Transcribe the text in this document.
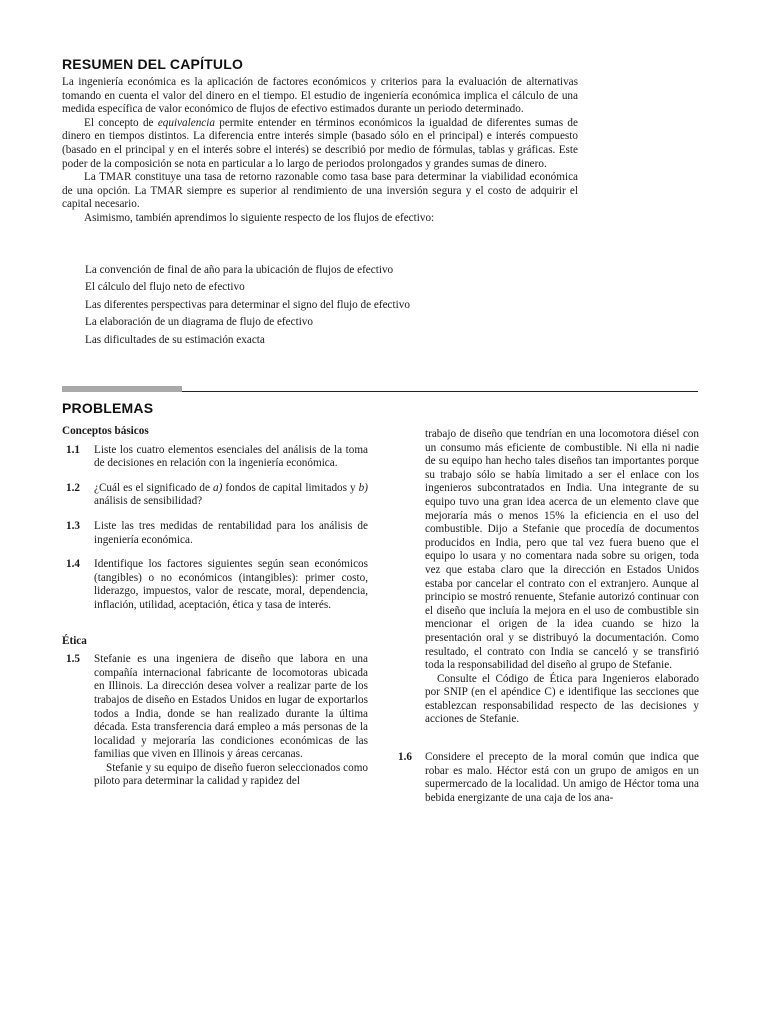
RESUMEN DEL CAPÍTULO

La ingeniería económica es la aplicación de factores económicos y criterios para la evaluación de alternativas tomando en cuenta el valor del dinero en el tiempo. El estudio de ingeniería económica implica el cálculo de una medida específica de valor económico de flujos de efectivo estimados durante un periodo determinado.

El concepto de equivalencia permite entender en términos económicos la igualdad de diferentes sumas de dinero en tiempos distintos. La diferencia entre interés simple (basado sólo en el principal) e interés compuesto (basado en el principal y en el interés sobre el interés) se describió por medio de fórmulas, tablas y gráficas. Este poder de la composición se nota en particular a lo largo de periodos prolongados y grandes sumas de dinero.

La TMAR constituye una tasa de retorno razonable como tasa base para determinar la viabilidad económica de una opción. La TMAR siempre es superior al rendimiento de una inversión segura y el costo de adquirir el capital necesario.

Asimismo, también aprendimos lo siguiente respecto de los flujos de efectivo:

La convención de final de año para la ubicación de flujos de efectivo
El cálculo del flujo neto de efectivo
Las diferentes perspectivas para determinar el signo del flujo de efectivo
La elaboración de un diagrama de flujo de efectivo
Las dificultades de su estimación exacta
PROBLEMAS
Conceptos básicos
1.1	Liste los cuatro elementos esenciales del análisis de la toma de decisiones en relación con la ingeniería económica.
1.2	¿Cuál es el significado de a) fondos de capital limitados y b) análisis de sensibilidad?
1.3	Liste las tres medidas de rentabilidad para los análisis de ingeniería económica.
1.4	Identifique los factores siguientes según sean económicos (tangibles) o no económicos (intangibles): primer costo, liderazgo, impuestos, valor de rescate, moral, dependencia, inflación, utilidad, aceptación, ética y tasa de interés.
Ética
1.5	Stefanie es una ingeniera de diseño que labora en una compañía internacional fabricante de locomotoras ubicada en Illinois. La dirección desea volver a realizar parte de los trabajos de diseño en Estados Unidos en lugar de exportarlos todos a India, donde se han realizado durante la última década. Esta transferencia dará empleo a más personas de la localidad y mejoraría las condiciones económicas de las familias que viven en Illinois y áreas cercanas.

Stefanie y su equipo de diseño fueron seleccionados como piloto para determinar la calidad y rapidez del

trabajo de diseño que tendrían en una locomotora diésel con un consumo más eficiente de combustible. Ni ella ni nadie de su equipo han hecho tales diseños tan importantes porque su trabajo sólo se había limitado a ser el enlace con los ingenieros subcontratados en India. Una integrante de su equipo tuvo una gran idea acerca de un elemento clave que mejoraría más o menos 15% la eficiencia en el uso del combustible. Dijo a Stefanie que procedía de documentos producidos en India, pero que tal vez fuera bueno que el equipo lo usara y no comentara nada sobre su origen, toda vez que estaba claro que la dirección en Estados Unidos estaba por cancelar el contrato con el extranjero. Aunque al principio se mostró renuente, Stefanie autorizó continuar con el diseño que incluía la mejora en el uso de combustible sin mencionar el origen de la idea cuando se hizo la presentación oral y se distribuyó la documentación. Como resultado, el contrato con India se canceló y se transfirió toda la responsabilidad del diseño al grupo de Stefanie.

Consulte el Código de Ética para Ingenieros elaborado por SNIP (en el apéndice C) e identifique las secciones que establezcan responsabilidad respecto de las decisiones y acciones de Stefanie.

1.6	Considere el precepto de la moral común que indica que robar es malo. Héctor está con un grupo de amigos en un supermercado de la localidad. Un amigo de Héctor toma una bebida energizante de una caja de los ana-
